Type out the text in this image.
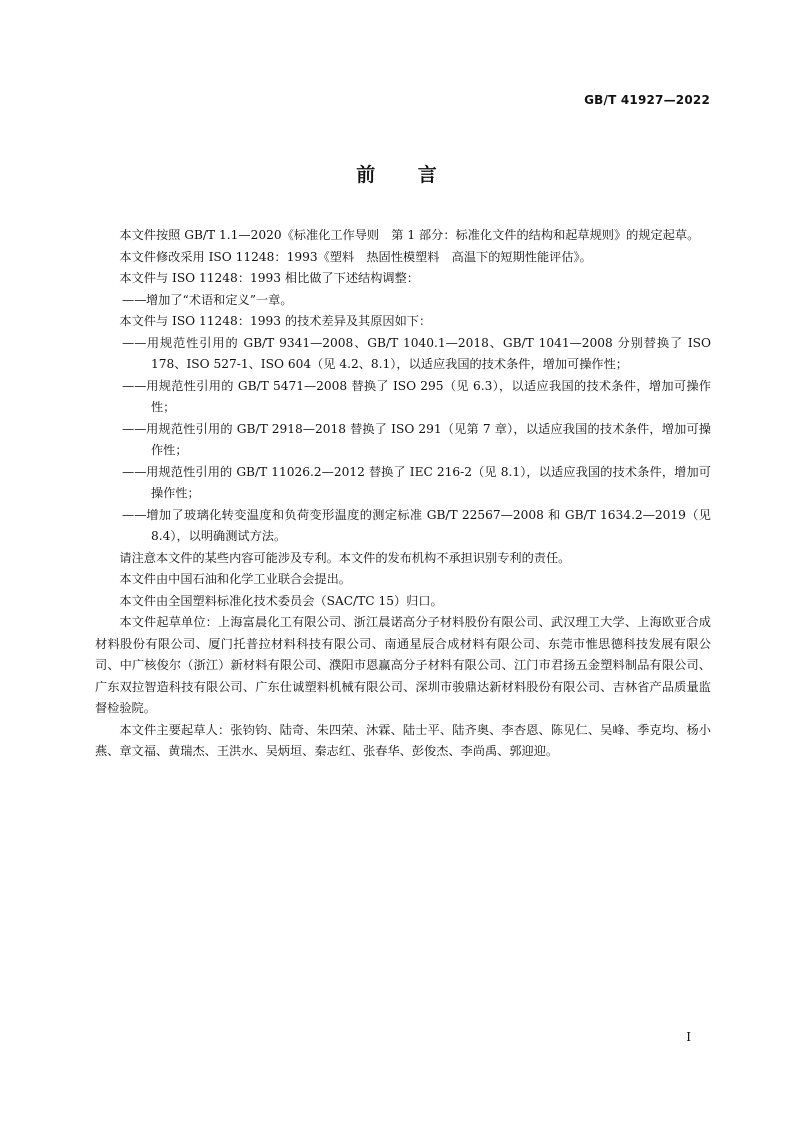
GB/T 41927—2022
前 言

本文件按照 GB/T 1.1—2020《标准化工作导则　第 1 部分：标准化文件的结构和起草规则》的规定起草。

本文件修改采用 ISO 11248：1993《塑料　热固性模塑料　高温下的短期性能评估》。

本文件与 ISO 11248：1993 相比做了下述结构调整：

——增加了“术语和定义”一章。

本文件与 ISO 11248：1993 的技术差异及其原因如下：

——用规范性引用的 GB/T 9341—2008、GB/T 1040.1—2018、GB/T 1041—2008 分别替换了 ISO 178、ISO 527-1、ISO 604（见 4.2、8.1），以适应我国的技术条件，增加可操作性；

——用规范性引用的 GB/T 5471—2008 替换了 ISO 295（见 6.3），以适应我国的技术条件，增加可操作性；

——用规范性引用的 GB/T 2918—2018 替换了 ISO 291（见第 7 章），以适应我国的技术条件，增加可操作性；

——用规范性引用的 GB/T 11026.2—2012 替换了 IEC 216-2（见 8.1），以适应我国的技术条件，增加可操作性；

——增加了玻璃化转变温度和负荷变形温度的测定标准 GB/T 22567—2008 和 GB/T 1634.2—2019（见 8.4），以明确测试方法。

请注意本文件的某些内容可能涉及专利。本文件的发布机构不承担识别专利的责任。

本文件由中国石油和化学工业联合会提出。

本文件由全国塑料标准化技术委员会（SAC/TC 15）归口。

本文件起草单位：上海富晨化工有限公司、浙江晨诺高分子材料股份有限公司、武汉理工大学、上海欧亚合成材料股份有限公司、厦门托普拉材料科技有限公司、南通星辰合成材料有限公司、东莞市惟思德科技发展有限公司、中广核俊尔（浙江）新材料有限公司、濮阳市恩赢高分子材料有限公司、江门市君扬五金塑料制品有限公司、广东双拉智造科技有限公司、广东仕诚塑料机械有限公司、深圳市骏鼎达新材料股份有限公司、吉林省产品质量监督检验院。

本文件主要起草人：张钧钧、陆奇、朱四荣、沐霖、陆士平、陆齐奥、李杏恩、陈见仁、吴峰、季克均、杨小燕、章文福、黄瑞杰、王洪水、吴炳垣、秦志红、张春华、彭俊杰、李尚禹、郭迎迎。

I
